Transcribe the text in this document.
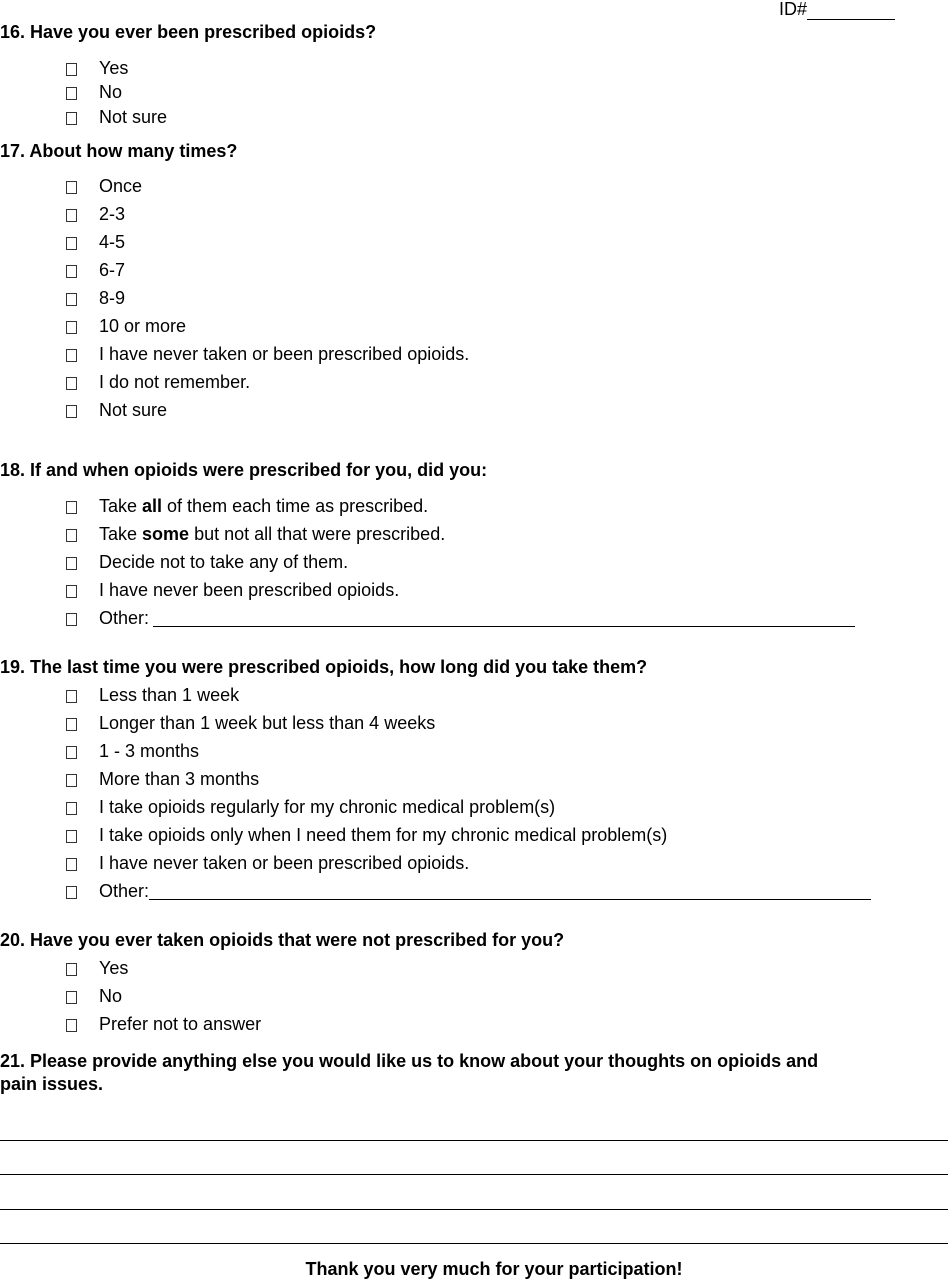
ID#
16. Have you ever been prescribed opioids?
Yes
No
Not sure
17. About how many times?
Once
2-3
4-5
6-7
8-9
10 or more
I have never taken or been prescribed opioids.
I do not remember.
Not sure
18. If and when opioids were prescribed for you, did you:
Take all of them each time as prescribed.
Take some but not all that were prescribed.
Decide not to take any of them.
I have never been prescribed opioids.
Other:
19. The last time you were prescribed opioids, how long did you take them?
Less than 1 week
Longer than 1 week but less than 4 weeks
1 - 3 months
More than 3 months
I take opioids regularly for my chronic medical problem(s)
I take opioids only when I need them for my chronic medical problem(s)
I have never taken or been prescribed opioids.
Other:
20. Have you ever taken opioids that were not prescribed for you?
Yes
No
Prefer not to answer
21. Please provide anything else you would like us to know about your thoughts on opioids and
pain issues.
Thank you very much for your participation!
